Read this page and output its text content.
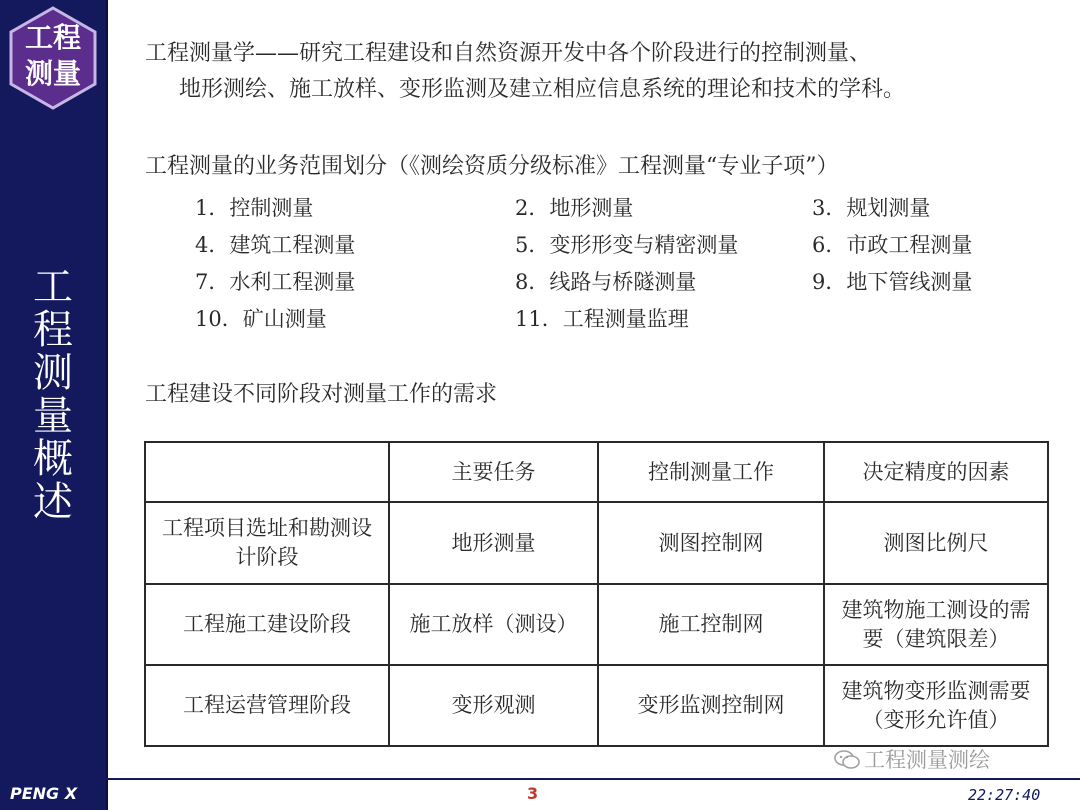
工程
测量
工
程
测
量
概
述
工程测量学——研究工程建设和自然资源开发中各个阶段进行的控制测量、
地形测绘、施工放样、变形监测及建立相应信息系统的理论和技术的学科。
工程测量的业务范围划分（《测绘资质分级标准》工程测量“专业子项”）
1．控制测量
4．建筑工程测量
7．水利工程测量
10．矿山测量
2．地形测量
5．变形形变与精密测量
8．线路与桥隧测量
11．工程测量监理
3．规划测量
6．市政工程测量
9．地下管线测量
工程建设不同阶段对测量工作的需求
	主要任务	控制测量工作	决定精度的因素
工程项目选址和勘测设计阶段	地形测量	测图控制网	测图比例尺
工程施工建设阶段	施工放样（测设）	施工控制网	建筑物施工测设的需要（建筑限差）
工程运营管理阶段	变形观测	变形监测控制网	建筑物变形监测需要（变形允许值）
工程测量测绘
PENG X	3	22:27:40
